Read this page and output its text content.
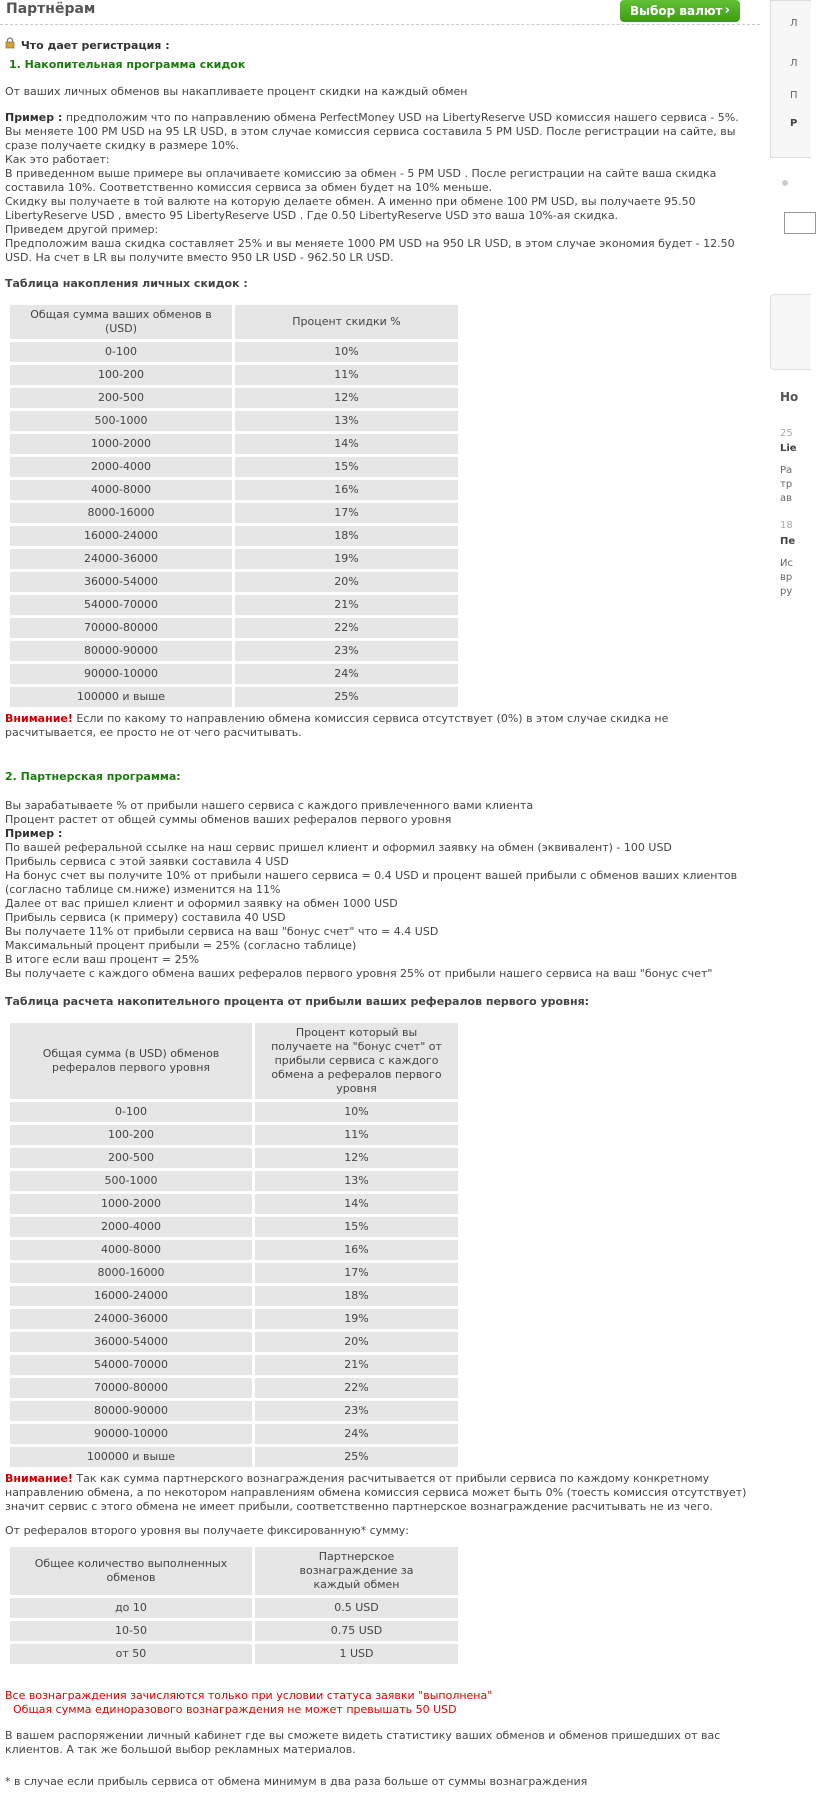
Партнёрам	Выбор валют ›
Что дает регистрация :
1. Накопительная программа скидок

От ваших личных обменов вы накапливаете процент скидки на каждый обмен

Пример : предположим что по направлению обмена PerfectMoney USD на LibertyReserve USD комиссия нашего сервиса - 5%.
Вы меняете 100 PM USD на 95 LR USD, в этом случае комиссия сервиса составила 5 PM USD. После регистрации на сайте, вы
сразе получаете скидку в размере 10%.
Как это работает:
В приведенном выше примере вы оплачиваете комиссию за обмен - 5 PM USD . После регистрации на сайте ваша скидка
составила 10%. Соответственно комиссия сервиса за обмен будет на 10% меньше.
Скидку вы получаете в той валюте на которую делаете обмен. А именно при обмене 100 PM USD, вы получаете 95.50
LibertyReserve USD , вместо 95 LibertyReserve USD . Где 0.50 LibertyReserve USD это ваша 10%-ая скидка.
Приведем другой пример:
Предположим ваша скидка составляет 25% и вы меняете 1000 PM USD на 950 LR USD, в этом случае экономия будет - 12.50
USD. На счет в LR вы получите вместо 950 LR USD - 962.50 LR USD.
Таблица накопления личных скидок :
Общая сумма ваших обменов в (USD)	Процент скидки %
0-100	10%
100-200	11%
200-500	12%
500-1000	13%
1000-2000	14%
2000-4000	15%
4000-8000	16%
8000-16000	17%
16000-24000	18%
24000-36000	19%
36000-54000	20%
54000-70000	21%
70000-80000	22%
80000-90000	23%
90000-10000	24%
100000 и выше	25%
Внимание! Если по какому то направлению обмена комиссия сервиса отсутствует (0%) в этом случае скидка не
расчитывается, ее просто не от чего расчитывать.
2. Партнерская программа:
Вы зарабатываете % от прибыли нашего сервиса с каждого привлеченного вами клиента
Процент растет от общей суммы обменов ваших рефералов первого уровня
Пример :
По вашей реферальной ссылке на наш сервис пришел клиент и оформил заявку на обмен (эквивалент) - 100 USD
Прибыль сервиса с этой заявки составила 4 USD
На бонус счет вы получите 10% от прибыли нашего сервиса = 0.4 USD и процент вашей прибыли с обменов ваших клиентов
(согласно таблице см.ниже) изменится на 11%
Далее от вас пришел клиент и оформил заявку на обмен 1000 USD
Прибыль сервиса (к примеру) составила 40 USD
Вы получаете 11% от прибыли сервиса на ваш "бонус счет" что = 4.4 USD
Максимальный процент прибыли = 25% (согласно таблице)
В итоге если ваш процент = 25%
Вы получаете с каждого обмена ваших рефералов первого уровня 25% от прибыли нашего сервиса на ваш "бонус счет"
Таблица расчета накопительного процента от прибыли ваших рефералов первого уровня:
Общая сумма (в USD) обменов рефералов первого уровня	Процент который вы получаете на "бонус счет" от прибыли сервиса с каждого обмена а рефералов первого уровня
0-100	10%
100-200	11%
200-500	12%
500-1000	13%
1000-2000	14%
2000-4000	15%
4000-8000	16%
8000-16000	17%
16000-24000	18%
24000-36000	19%
36000-54000	20%
54000-70000	21%
70000-80000	22%
80000-90000	23%
90000-10000	24%
100000 и выше	25%
Внимание! Так как сумма партнерского вознаграждения расчитывается от прибыли сервиса по каждому конкретному
направлению обмена, а по некотором направлениям обмена комиссия сервиса может быть 0% (тоесть комиссия отсутствует)
значит сервис с этого обмена не имеет прибыли, соответственно партнерское вознаграждение расчитывать не из чего.

От рефералов второго уровня вы получаете фиксированную* сумму:

Общее количество выполненных обменов	Партнерское вознаграждение за каждый обмен
до 10	0.5 USD
10-50	0.75 USD
от 50	1 USD
Все вознаграждения зачисляются только при условии статуса заявки "выполнена"
Общая сумма единоразового вознаграждения не может превышать 50 USD
В вашем распоряжении личный кабинет где вы сможете видеть статистику ваших обменов и обменов пришедших от вас
клиентов. А так же большой выбор рекламных материалов.

* в случае если прибыль сервиса от обмена минимум в два раза больше от суммы вознаграждения

Л
Л
П
Р
Но
25
Lie
Ра
тр
ав
18
Пе
Ис
вр
ру
